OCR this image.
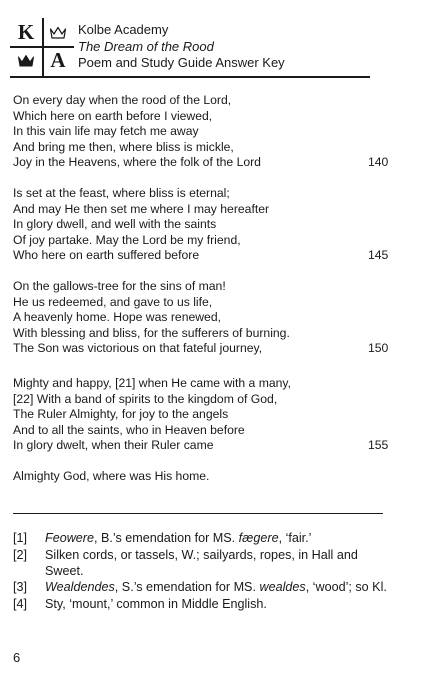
K
A
Kolbe Academy
The Dream of the Rood
Poem and Study Guide Answer Key
On every day when the rood of the Lord,
Which here on earth before I viewed,
In this vain life may fetch me away
And bring me then, where bliss is mickle,
Joy in the Heavens, where the folk of the Lord	140
Is set at the feast, where bliss is eternal;
And may He then set me where I may hereafter
In glory dwell, and well with the saints
Of joy partake. May the Lord be my friend,
Who here on earth suffered before	145
On the gallows-tree for the sins of man!
He us redeemed, and gave to us life,
A heavenly home. Hope was renewed,
With blessing and bliss, for the sufferers of burning.
The Son was victorious on that fateful journey,	150
Mighty and happy, [21] when He came with a many,
[22] With a band of spirits to the kingdom of God,
The Ruler Almighty, for joy to the angels
And to all the saints, who in Heaven before
In glory dwelt, when their Ruler came	155
Almighty God, where was His home.
[1]	Feowere, B.’s emendation for MS. fægere, ‘fair.’
[2]	Silken cords, or tassels, W.; sailyards, ropes, in Hall and Sweet.
[3]	Wealdendes, S.’s emendation for MS. wealdes, ‘wood’; so Kl.
[4]	Sty, ‘mount,’ common in Middle English.
6
